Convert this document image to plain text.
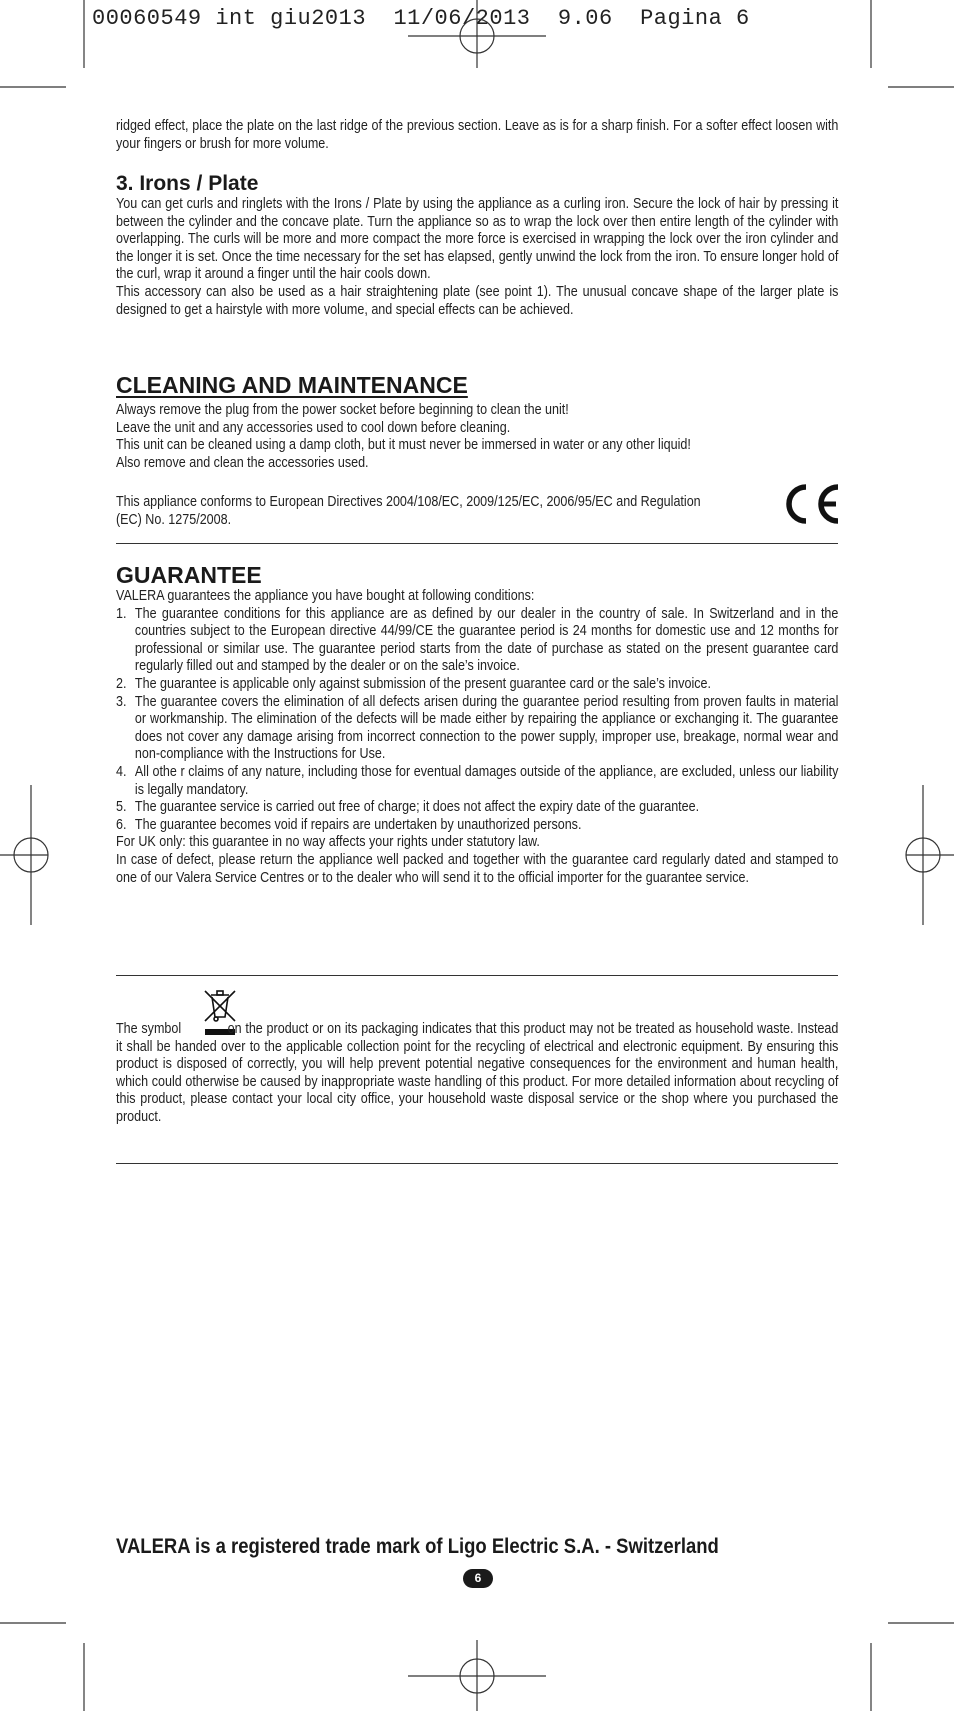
00060549 int giu2013  11/06/2013  9.06  Pagina 6

ridged effect, place the plate on the last ridge of the previous section. Leave as is for a sharp finish. For a softer effect loosen with your fingers or brush for more volume.

3. Irons / Plate

You can get curls and ringlets with the Irons / Plate by using the appliance as a curling iron. Secure the lock of hair by pressing it between the cylinder and the concave plate. Turn the appliance so as to wrap the lock over then entire length of the cylinder with overlapping. The curls will be more and more compact the more force is exercised in wrapping the lock over the iron cylinder and the longer it is set. Once the time necessary for the set has elapsed, gently unwind the lock from the iron. To ensure longer hold of the curl, wrap it around a finger until the hair cools down.

This accessory can also be used as a hair straightening plate (see point 1). The unusual concave shape of the larger plate is designed to get a hairstyle with more volume, and special effects can be achieved.

CLEANING AND MAINTENANCE

Always remove the plug from the power socket before beginning to clean the unit!

Leave the unit and any accessories used to cool down before cleaning.

This unit can be cleaned using a damp cloth, but it must never be immersed in water or any other liquid!

Also remove and clean the accessories used.

This appliance conforms to European Directives 2004/108/EC, 2009/125/EC, 2006/95/EC and Regulation (EC) No. 1275/2008.

GUARANTEE

VALERA guarantees the appliance you have bought at following conditions:

1. The guarantee conditions for this appliance are as defined by our dealer in the country of sale. In Switzerland and in the countries subject to the European directive 44/99/CE the guarantee period is 24 months for domestic use and 12 months for professional or similar use. The guarantee period starts from the date of purchase as stated on the present guarantee card regularly filled out and stamped by the dealer or on the sale’s invoice.
2. The guarantee is applicable only against submission of the present guarantee card or the sale’s invoice.
3. The guarantee covers the elimination of all defects arisen during the guarantee period resulting from proven faults in material or workmanship. The elimination of the defects will be made either by repairing the appliance or exchanging it. The guarantee does not cover any damage arising from incorrect connection to the power supply, improper use, breakage, normal wear and non-compliance with the Instructions for Use.
4. All othe r claims of any nature, including those for eventual damages outside of the appliance, are excluded, unless our liability is legally mandatory.
5. The guarantee service is carried out free of charge; it does not affect the expiry date of the guarantee.
6. The guarantee becomes void if repairs are undertaken by unauthorized persons.

For UK only: this guarantee in no way affects your rights under statutory law.

In case of defect, please return the appliance well packed and together with the guarantee card regularly dated and stamped to one of our Valera Service Centres or to the dealer who will send it to the official importer for the guarantee service.

The symbol	on the product or on its packaging indicates that this product may not be treated as household waste. Instead it shall be handed over to the applicable collection point for the recycling of electrical and electronic equipment. By ensuring this product is disposed of correctly, you will help prevent potential negative consequences for the environment and human health, which could otherwise be caused by inappropriate waste handling of this product. For more detailed information about recycling of this product, please contact your local city office, your household waste disposal service or the shop where you purchased the product.

VALERA is a registered trade mark of Ligo Electric S.A. - Switzerland
6
